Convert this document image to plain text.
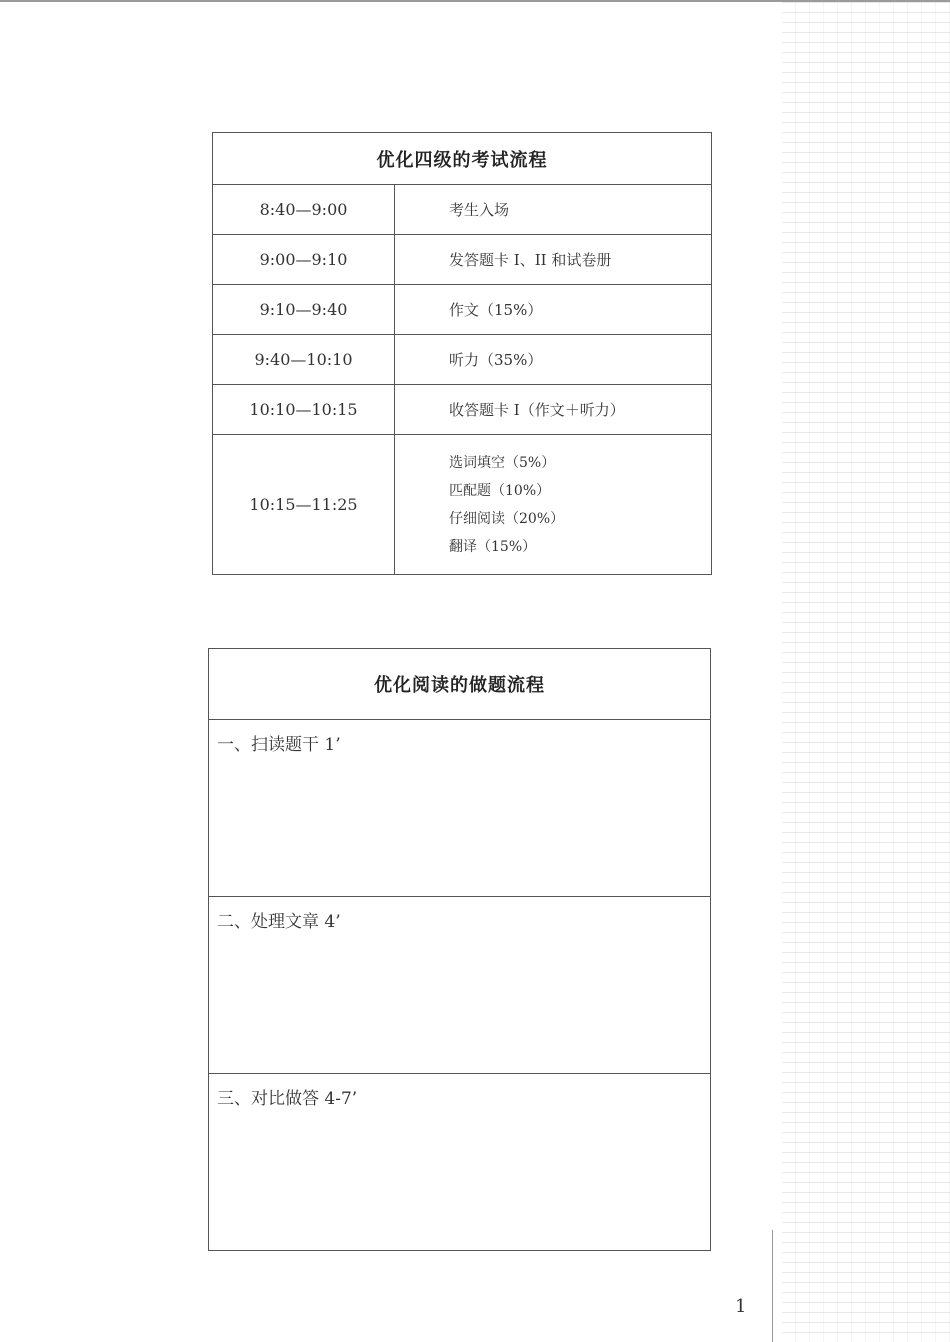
优化四级的考试流程	
8:40—9:00	考生入场
9:00—9:10	发答题卡 I、II 和试卷册
9:10—9:40	作文（15%）
9:40—10:10	听力（35%）
10:10—10:15	收答题卡 I（作文＋听力）
10:15—11:25	选词填空（5%）
匹配题（10%）
仔细阅读（20%）
翻译（15%）
优化阅读的做题流程
一、扫读题干 1’
二、处理文章 4’
三、对比做答 4-7’
1
